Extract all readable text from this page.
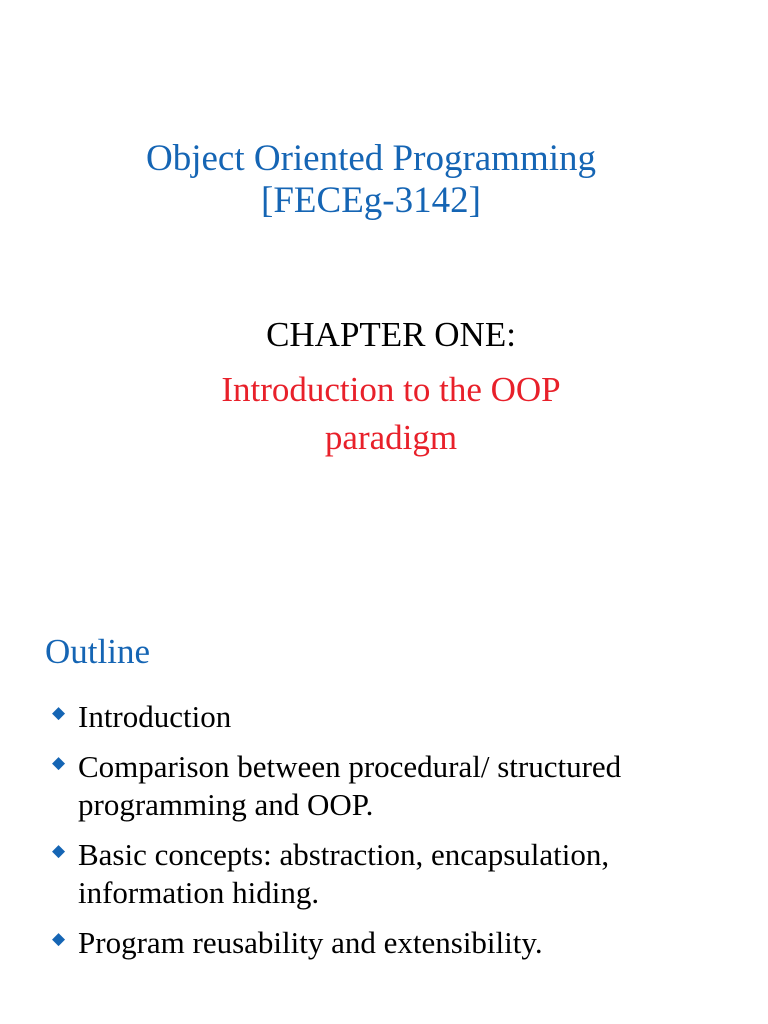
Object Oriented Programming
[FECEg-3142]
CHAPTER ONE:
Introduction to the OOP
paradigm
Outline
◆ Introduction
◆ Comparison between procedural/ structured programming and OOP.
◆ Basic concepts: abstraction, encapsulation, information hiding.
◆ Program reusability and extensibility.
